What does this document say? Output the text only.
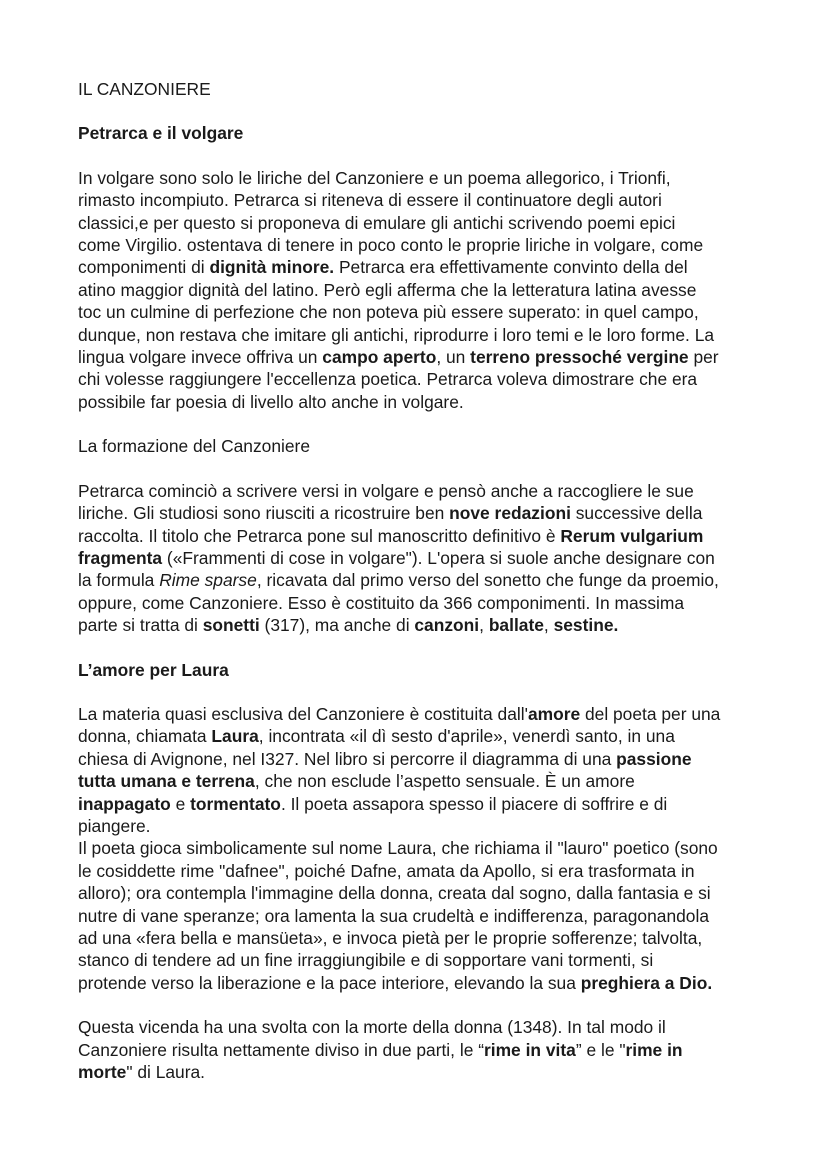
IL CANZONIERE
Petrarca e il volgare
In volgare sono solo le liriche del Canzoniere e un poema allegorico, i Trionfi,
rimasto incompiuto. Petrarca si riteneva di essere il continuatore degli autori
classici,e per questo si proponeva di emulare gli antichi scrivendo poemi epici
come Virgilio. ostentava di tenere in poco conto le proprie liriche in volgare, come
componimenti di dignità minore. Petrarca era effettivamente convinto della del
atino maggior dignità del latino. Però egli afferma che la letteratura latina avesse
toc un culmine di perfezione che non poteva più essere superato: in quel campo,
dunque, non restava che imitare gli antichi, riprodurre i loro temi e le loro forme. La
lingua volgare invece offriva un campo aperto, un terreno pressoché vergine per
chi volesse raggiungere l'eccellenza poetica. Petrarca voleva dimostrare che era
possibile far poesia di livello alto anche in volgare.
La formazione del Canzoniere
Petrarca cominciò a scrivere versi in volgare e pensò anche a raccogliere le sue
liriche. Gli studiosi sono riusciti a ricostruire ben nove redazioni successive della
raccolta. Il titolo che Petrarca pone sul manoscritto definitivo è Rerum vulgarium
fragmenta («Frammenti di cose in volgare"). L'opera si suole anche designare con
la formula Rime sparse, ricavata dal primo verso del sonetto che funge da proemio,
oppure, come Canzoniere. Esso è costituito da 366 componimenti. In massima
parte si tratta di sonetti (317), ma anche di canzoni, ballate, sestine.
L’amore per Laura
La materia quasi esclusiva del Canzoniere è costituita dall'amore del poeta per una
donna, chiamata Laura, incontrata «il dì sesto d'aprile», venerdì santo, in una
chiesa di Avignone, nel I327. Nel libro si percorre il diagramma di una passione
tutta umana e terrena, che non esclude l’aspetto sensuale. È un amore
inappagato e tormentato. Il poeta assapora spesso il piacere di soffrire e di
piangere.
Il poeta gioca simbolicamente sul nome Laura, che richiama il "lauro" poetico (sono
le cosiddette rime "dafnee", poiché Dafne, amata da Apollo, si era trasformata in
alloro); ora contempla l'immagine della donna, creata dal sogno, dalla fantasia e si
nutre di vane speranze; ora lamenta la sua crudeltà e indifferenza, paragonandola
ad una «fera bella e mansüeta», e invoca pietà per le proprie sofferenze; talvolta,
stanco di tendere ad un fine irraggiungibile e di sopportare vani tormenti, si
protende verso la liberazione e la pace interiore, elevando la sua preghiera a Dio.
Questa vicenda ha una svolta con la morte della donna (1348). In tal modo il
Canzoniere risulta nettamente diviso in due parti, le “rime in vita” e le "rime in
morte" di Laura.
